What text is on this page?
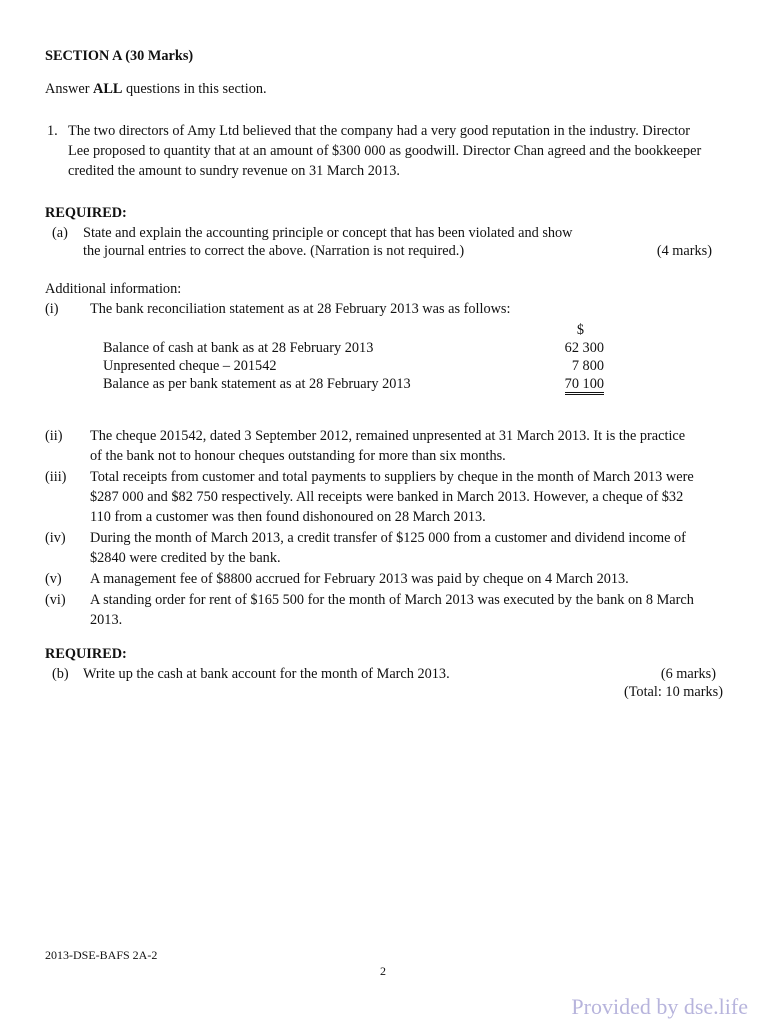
SECTION A (30 Marks)
Answer ALL questions in this section.
1. The two directors of Amy Ltd believed that the company had a very good reputation in the industry. Director
Lee proposed to quantity that at an amount of $300 000 as goodwill. Director Chan agreed and the bookkeeper
credited the amount to sundry revenue on 31 March 2013.
REQUIRED:
(a) State and explain the accounting principle or concept that has been violated and show
the journal entries to correct the above. (Narration is not required.)	(4 marks)
Additional information:
(i) The bank reconciliation statement as at 28 February 2013 was as follows:
$
Balance of cash at bank as at 28 February 2013	62 300
Unpresented cheque – 201542	7 800
Balance as per bank statement as at 28 February 2013	70 100
(ii) The cheque 201542, dated 3 September 2012, remained unpresented at 31 March 2013. It is the practice
of the bank not to honour cheques outstanding for more than six months.
(iii) Total receipts from customer and total payments to suppliers by cheque in the month of March 2013 were
$287 000 and $82 750 respectively. All receipts were banked in March 2013. However, a cheque of $32
110 from a customer was then found dishonoured on 28 March 2013.
(iv) During the month of March 2013, a credit transfer of $125 000 from a customer and dividend income of
$2840 were credited by the bank.
(v) A management fee of $8800 accrued for February 2013 was paid by cheque on 4 March 2013.
(vi) A standing order for rent of $165 500 for the month of March 2013 was executed by the bank on 8 March
2013.
REQUIRED:
(b) Write up the cash at bank account for the month of March 2013.	(6 marks)
(Total: 10 marks)
2013-DSE-BAFS 2A-2
2
Provided by dse.life
